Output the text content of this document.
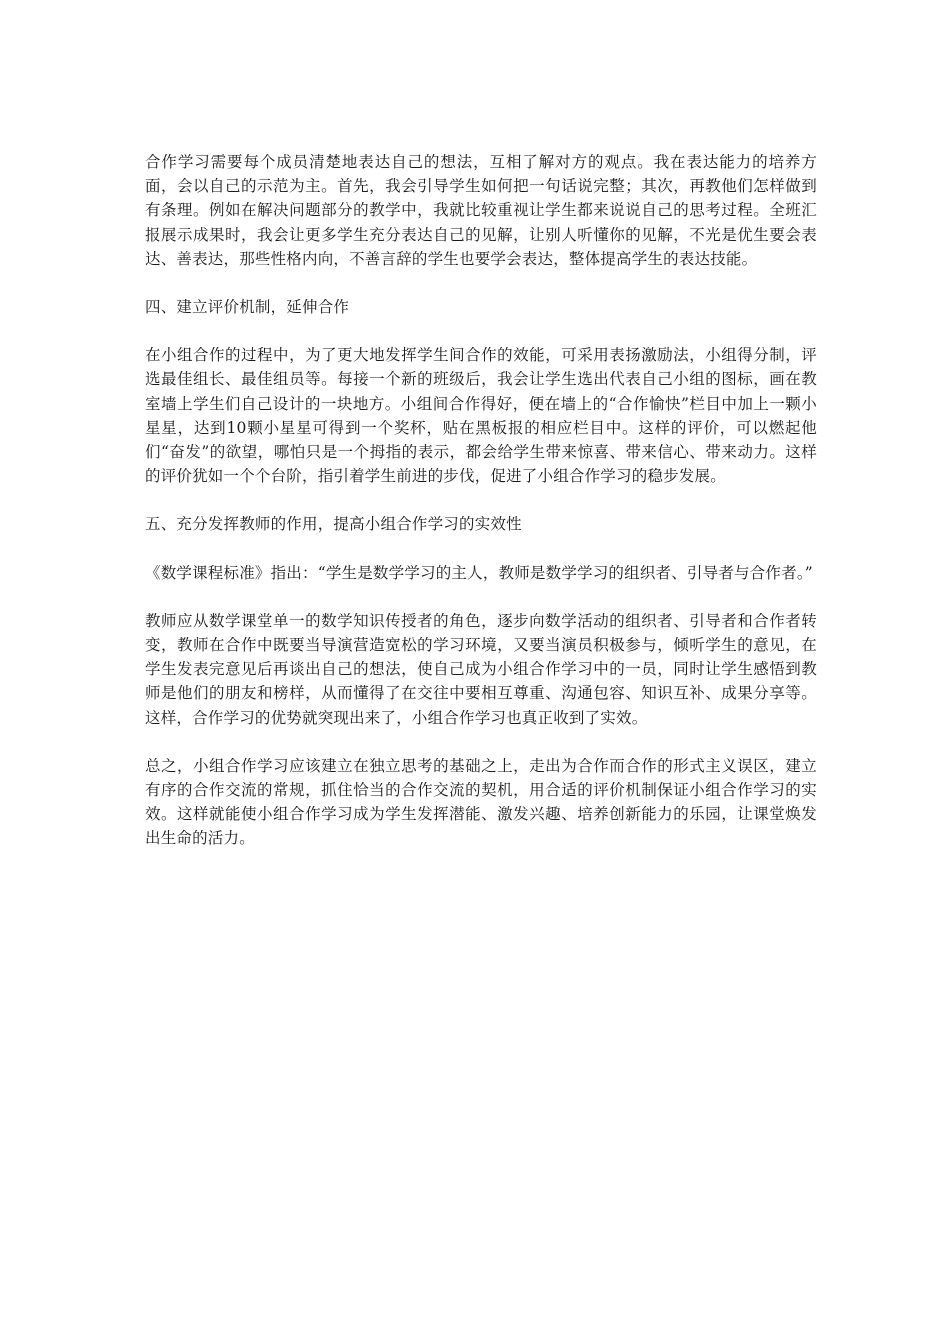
合作学习需要每个成员清楚地表达自己的想法，互相了解对方的观点。我在表达能力的培养方面，会以自己的示范为主。首先，我会引导学生如何把一句话说完整；其次，再教他们怎样做到有条理。例如在解决问题部分的教学中，我就比较重视让学生都来说说自己的思考过程。全班汇报展示成果时，我会让更多学生充分表达自己的见解，让别人听懂你的见解，不光是优生要会表达、善表达，那些性格内向，不善言辞的学生也要学会表达，整体提高学生的表达技能。

四、建立评价机制，延伸合作

在小组合作的过程中，为了更大地发挥学生间合作的效能，可采用表扬激励法，小组得分制，评选最佳组长、最佳组员等。每接一个新的班级后，我会让学生选出代表自己小组的图标，画在教室墙上学生们自己设计的一块地方。小组间合作得好，便在墙上的“合作愉快”栏目中加上一颗小星星，达到10颗小星星可得到一个奖杯，贴在黑板报的相应栏目中。这样的评价，可以燃起他们“奋发”的欲望，哪怕只是一个拇指的表示，都会给学生带来惊喜、带来信心、带来动力。这样的评价犹如一个个台阶，指引着学生前进的步伐，促进了小组合作学习的稳步发展。

五、充分发挥教师的作用，提高小组合作学习的实效性

《数学课程标准》指出：“学生是数学学习的主人，教师是数学学习的组织者、引导者与合作者。”

教师应从数学课堂单一的数学知识传授者的角色，逐步向数学活动的组织者、引导者和合作者转变，教师在合作中既要当导演营造宽松的学习环境，又要当演员积极参与，倾听学生的意见，在学生发表完意见后再谈出自己的想法，使自己成为小组合作学习中的一员，同时让学生感悟到教师是他们的朋友和榜样，从而懂得了在交往中要相互尊重、沟通包容、知识互补、成果分享等。这样，合作学习的优势就突现出来了，小组合作学习也真正收到了实效。

总之，小组合作学习应该建立在独立思考的基础之上，走出为合作而合作的形式主义误区，建立有序的合作交流的常规，抓住恰当的合作交流的契机，用合适的评价机制保证小组合作学习的实效。这样就能使小组合作学习成为学生发挥潜能、激发兴趣、培养创新能力的乐园，让课堂焕发出生命的活力。
